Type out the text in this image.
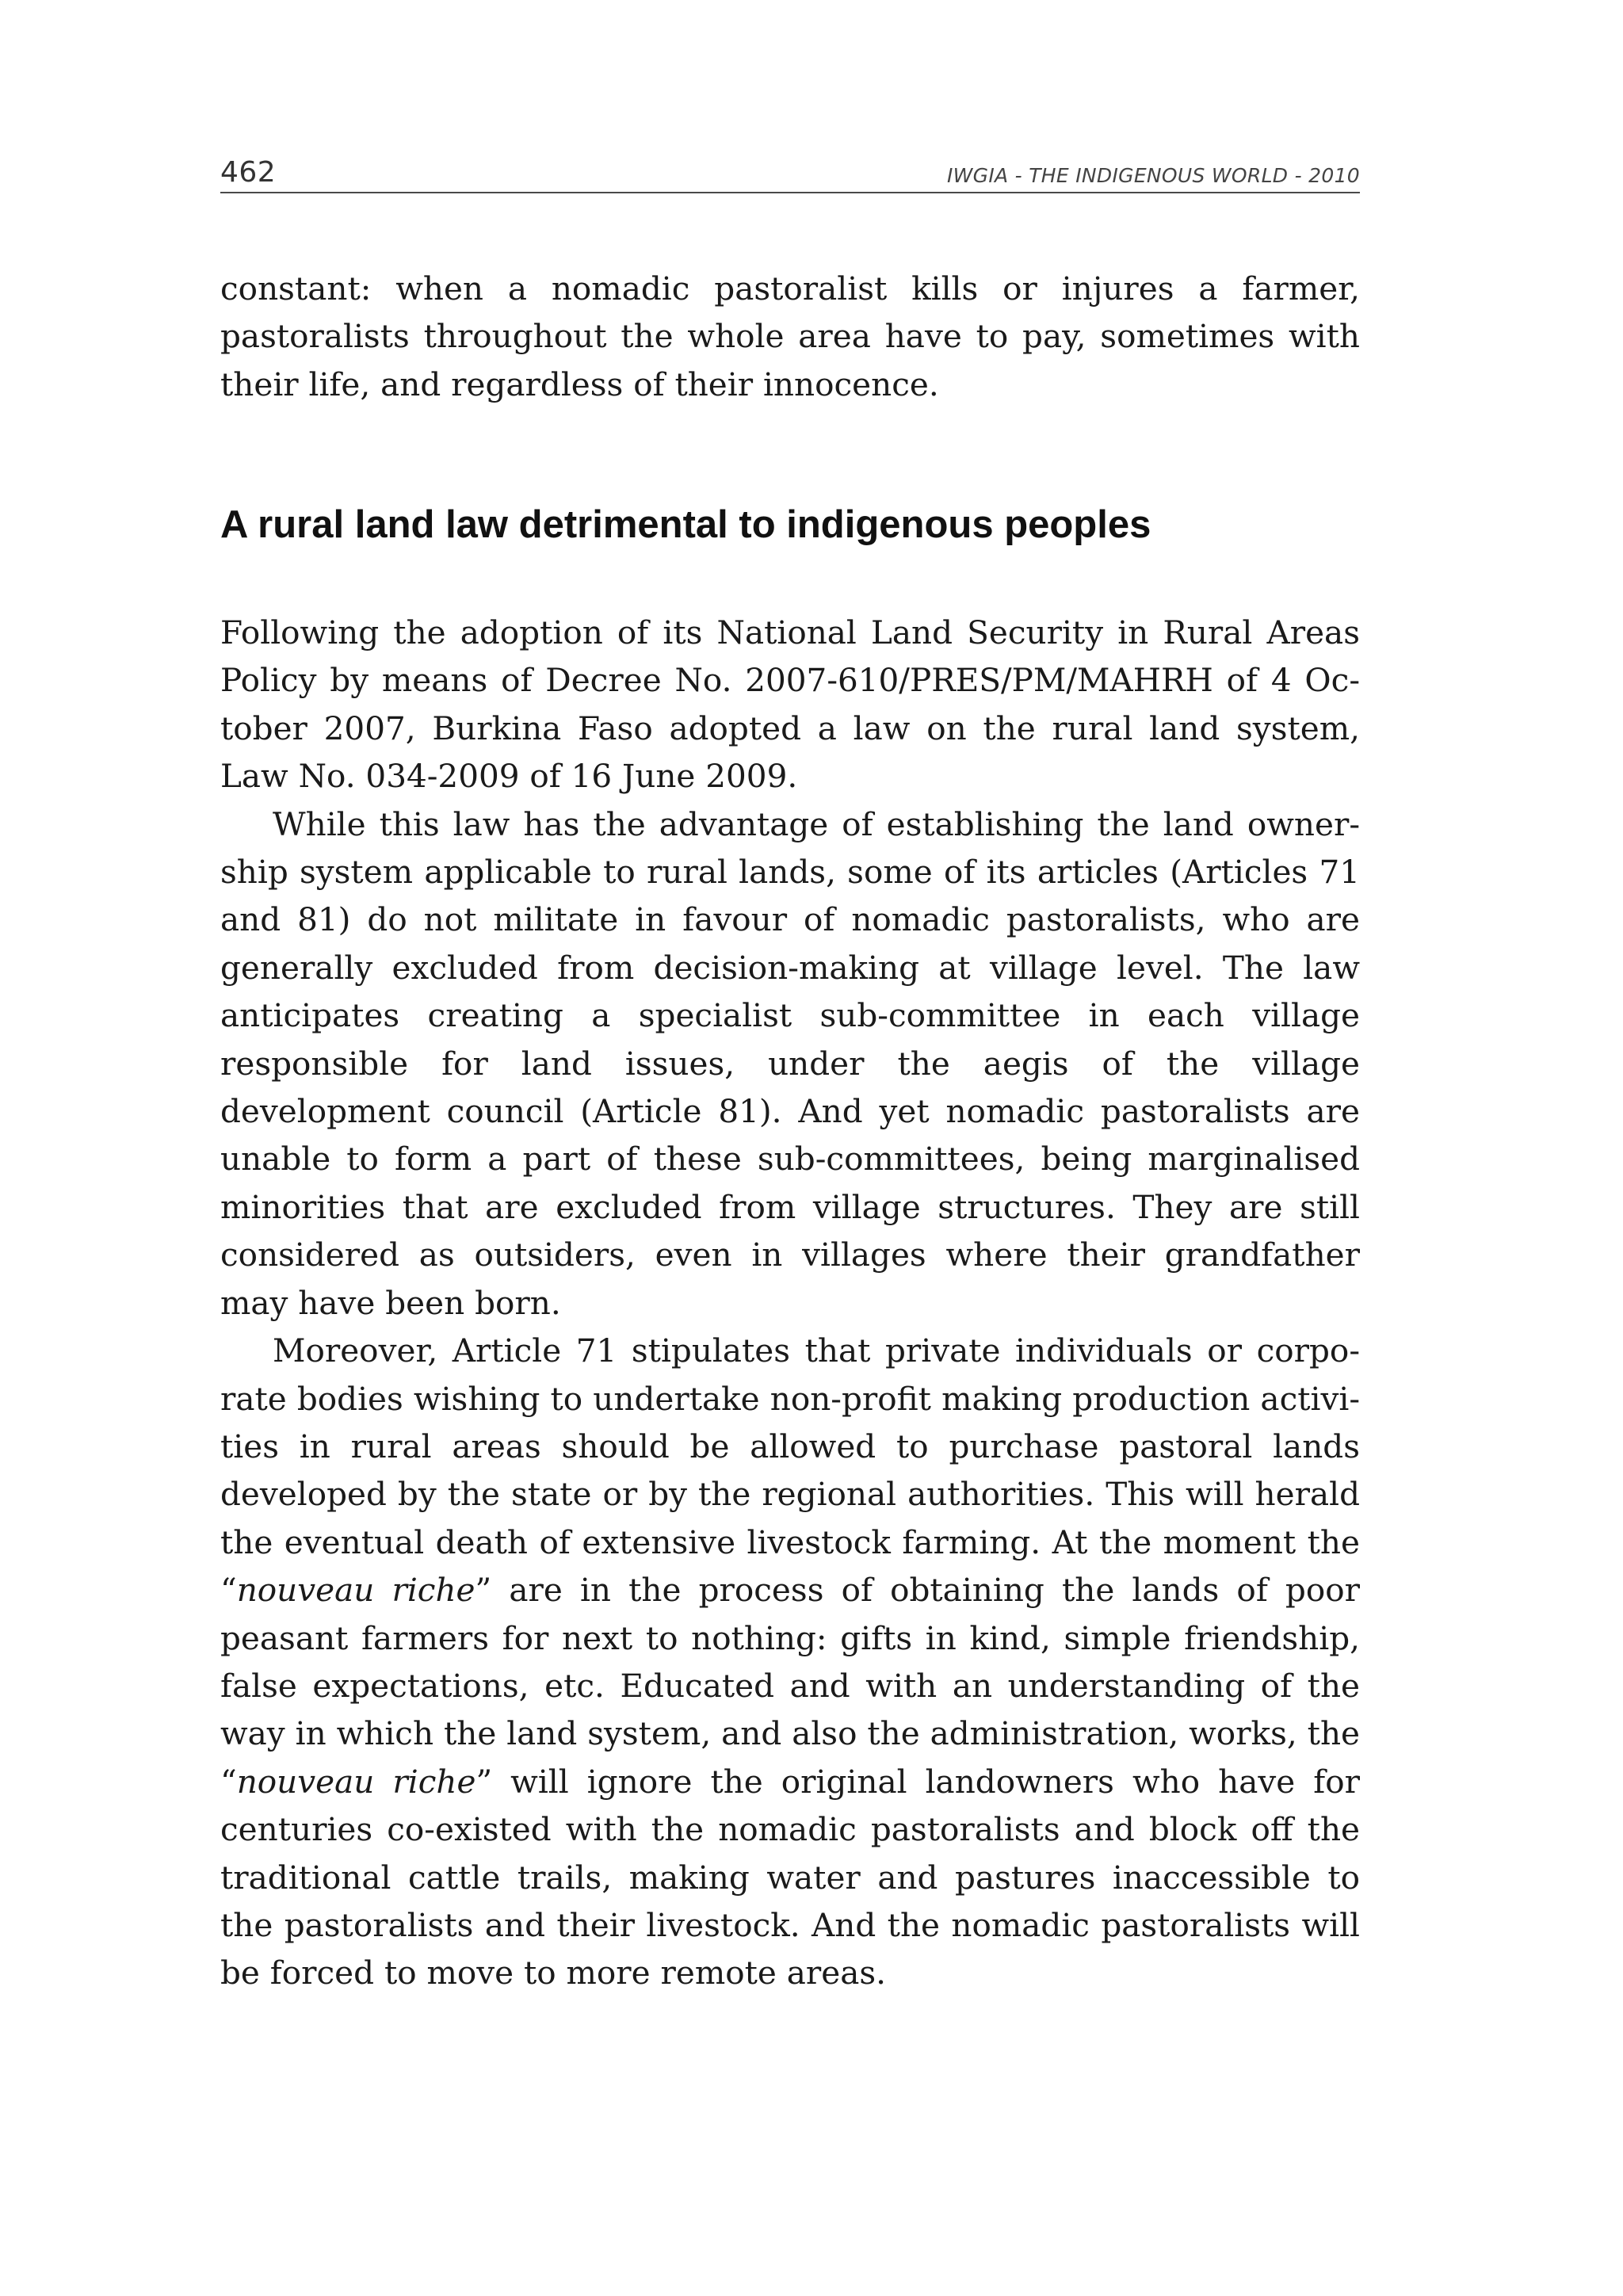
462	IWGIA - THE INDIGENOUS WORLD - 2010

constant: when a nomadic pastoralist kills or injures a farmer, pastoralists throughout the whole area have to pay, sometimes with their life, and regardless of their innocence.

A rural land law detrimental to indigenous peoples

Following the adoption of its National Land Security in Rural Areas Policy by means of Decree No. 2007-610/PRES/PM/MAHRH of 4 October 2007, Burkina Faso adopted a law on the rural land system, Law No. 034-2009 of 16 June 2009.

While this law has the advantage of establishing the land ownership system applicable to rural lands, some of its articles (Articles 71 and 81) do not militate in favour of nomadic pastoralists, who are generally excluded from decision-making at village level. The law anticipates creating a specialist sub-committee in each village responsible for land issues, under the aegis of the village development council (Article 81). And yet nomadic pastoralists are unable to form a part of these sub-committees, being marginalised minorities that are excluded from village structures. They are still considered as outsiders, even in villages where their grandfather may have been born.

Moreover, Article 71 stipulates that private individuals or corporate bodies wishing to undertake non-profit making production activities in rural areas should be allowed to purchase pastoral lands developed by the state or by the regional authorities. This will herald the eventual death of extensive livestock farming. At the moment the “nouveau riche” are in the process of obtaining the lands of poor peasant farmers for next to nothing: gifts in kind, simple friendship, false expectations, etc. Educated and with an understanding of the way in which the land system, and also the administration, works, the “nouveau riche” will ignore the original landowners who have for centuries co-existed with the nomadic pastoralists and block off the traditional cattle trails, making water and pastures inaccessible to the pastoralists and their livestock. And the nomadic pastoralists will be forced to move to more remote areas.
